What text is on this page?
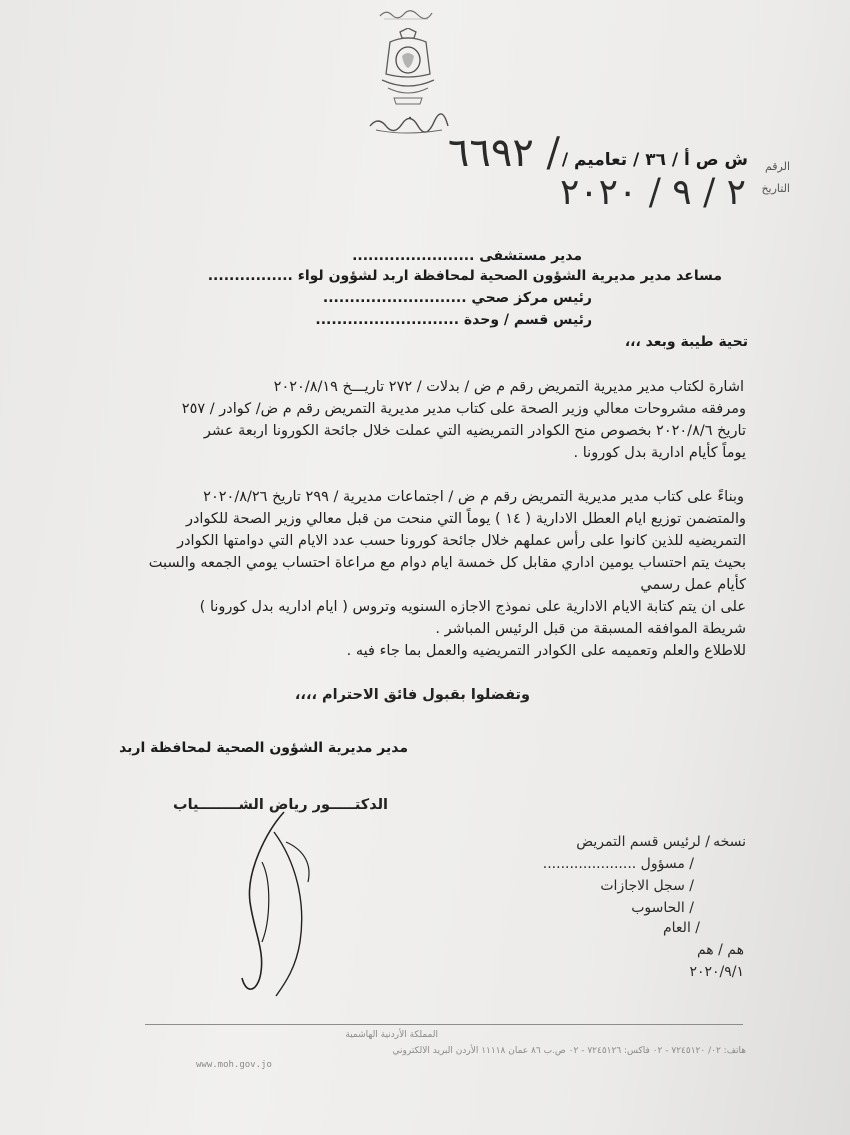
الرقم
التاريخ
ش ص أ / ٣٦ / تعاميم /
٦٦٩٢ /
٢ / ٩ / ٢٠٢٠
مدير مستشفى .......................
مساعد مدير مديرية الشؤون الصحية لمحافظة اربد لشؤون لواء ................
رئيس مركز صحي ...........................
رئيس قسم / وحدة ...........................
تحية طيبة وبعد ،،،
اشارة لكتاب مدير مديرية التمريض رقم م ض / بدلات / ٢٧٢ تاريـــخ ٢٠٢٠/٨/١٩
ومرفقه مشروحات معالي وزير الصحة على كتاب مدير مديرية التمريض رقم م ض/ كوادر / ٢٥٧
تاريخ ٢٠٢٠/٨/٦ بخصوص منح الكوادر التمريضيه التي عملت خلال جائحة الكورونا اربعة عشر
يوماً كأيام ادارية بدل كورونا .
وبناءً على كتاب مدير مديرية التمريض رقم م ض / اجتماعات مديرية / ٢٩٩ تاريخ ٢٠٢٠/٨/٢٦
والمتضمن توزيع ايام العطل الادارية ( ١٤ ) يوماً التي منحت من قبل معالي وزير الصحة للكوادر
التمريضيه للذين كانوا على رأس عملهم خلال جائحة كورونا حسب عدد الايام التي دوامتها الكوادر
بحيث يتم احتساب يومين اداري مقابل كل خمسة ايام دوام مع مراعاة احتساب يومي الجمعه والسبت
كأيام عمل رسمي
على ان يتم كتابة الايام الادارية على نموذج الاجازه السنويه وتروس ( ايام اداريه بدل كورونا )
شريطة الموافقه المسبقة من قبل الرئيس المباشر .
للاطلاع والعلم وتعميمه على الكوادر التمريضيه والعمل بما جاء فيه .
وتفضلوا بقبول فائق الاحترام ،،،،
مدير مديرية الشؤون الصحية لمحافظة اربد
الدكتـــــور رياض الشــــــــياب
نسخه
/ لرئيس قسم التمريض
/ مسؤول .....................
/ سجل الاجازات
/ الحاسوب
/ العام
هم / هم
٢٠٢٠/٩/١
المملكة الأردنية الهاشمية
هاتف: ٠٢/ ٧٢٤٥١٢٠ - ٠٢ فاكس: ٧٢٤٥١٢٦ - ٠٢ ص.ب ٨٦ عمان ١١١١٨ الأردن البريد الالكتروني
www.moh.gov.jo
